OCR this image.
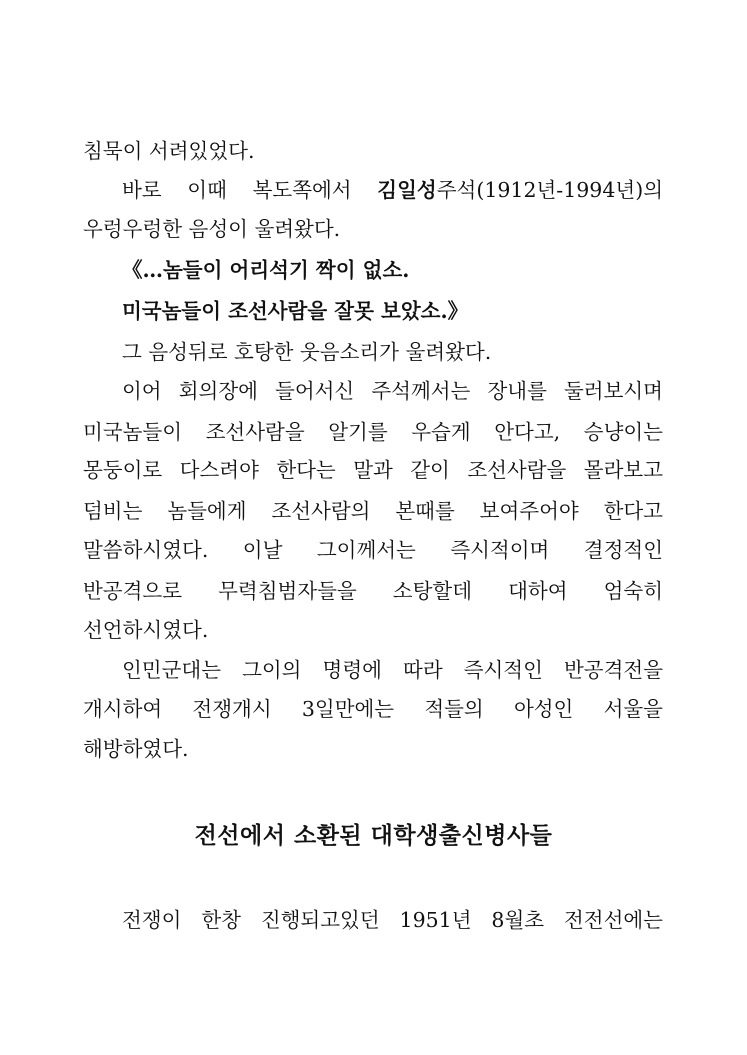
침묵이 서려있었다.
바로 이때 복도쪽에서 김일성주석(1912년-1994년)의
우렁우렁한 음성이 울려왔다.
《…놈들이 어리석기 짝이 없소.
미국놈들이 조선사람을 잘못 보았소.》
그 음성뒤로 호탕한 웃음소리가 울려왔다.
이어 회의장에 들어서신 주석께서는 장내를 둘러보시며
미국놈들이 조선사람을 알기를 우습게 안다고, 승냥이는
몽둥이로 다스려야 한다는 말과 같이 조선사람을 몰라보고
덤비는 놈들에게 조선사람의 본때를 보여주어야 한다고
말씀하시였다. 이날 그이께서는 즉시적이며 결정적인
반공격으로 무력침범자들을 소탕할데 대하여 엄숙히
선언하시였다.
인민군대는 그이의 명령에 따라 즉시적인 반공격전을
개시하여 전쟁개시 3일만에는 적들의 아성인 서울을
해방하였다.
전선에서 소환된 대학생출신병사들
전쟁이 한창 진행되고있던 1951년 8월초 전전선에는
